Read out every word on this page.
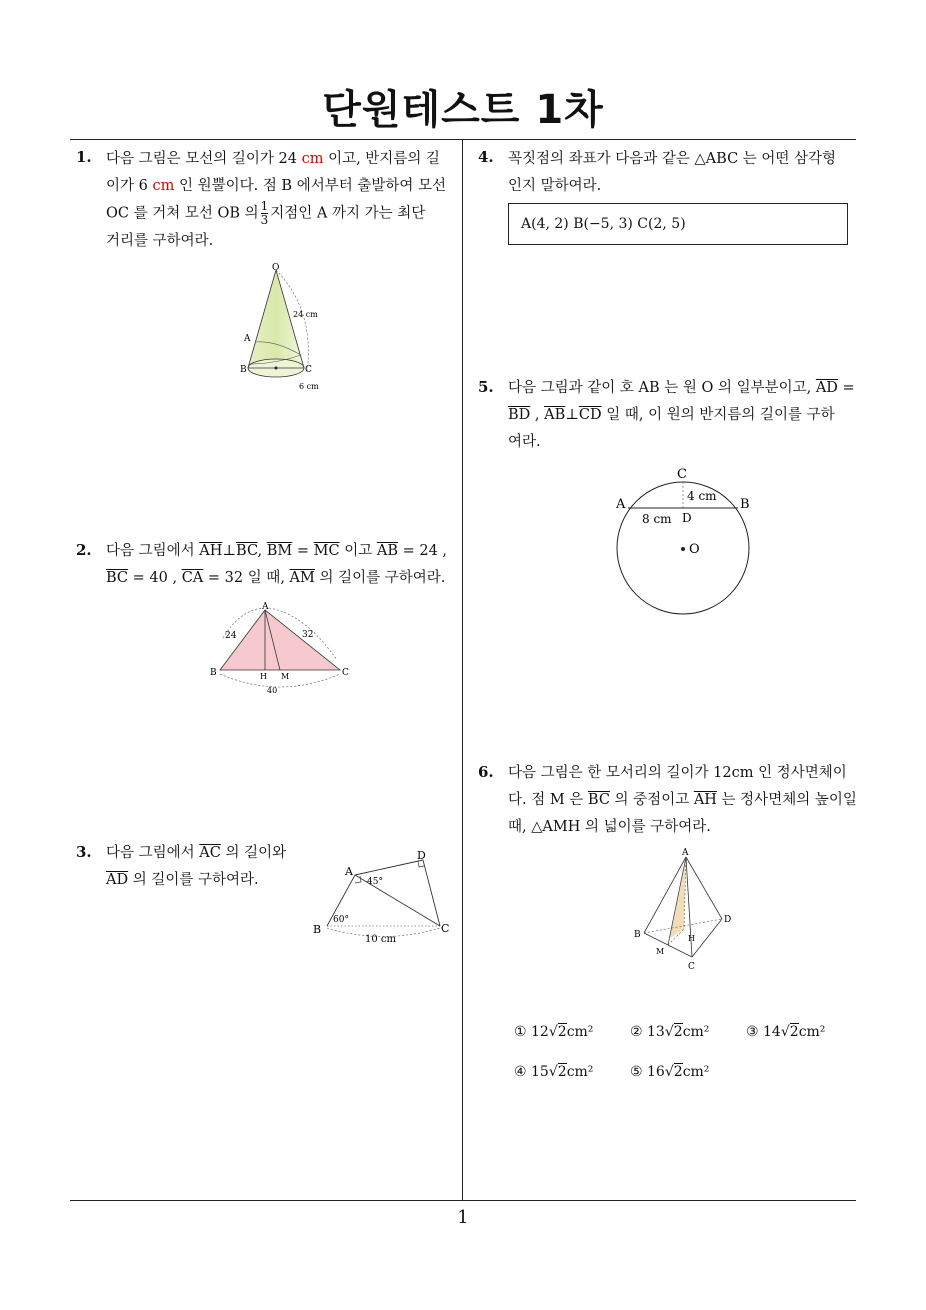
단원테스트 1차
1
1. 다음 그림은 모선의 길이가 24 cm 이고, 반지름의 길
이가 6 cm 인 원뿔이다. 점 B 에서부터 출발하여 모선
OC 를 거쳐 모선 OB 의 $\frac{1}{3}$ 지점인 A 까지 가는 최단
거리를 구하여라.
O
24 cm
A
B	C
6 cm
2. 다음 그림에서 $\overline{AH}\perp\overline{BC}$, $\overline{BM} = \overline{MC}$ 이고 $\overline{AB} = 24$ ,
$\overline{BC} = 40$ , $\overline{CA} = 32$ 일 때, $\overline{AM}$ 의 길이를 구하여라.
A
B	C
H M
24	32
40
3. 다음 그림에서 $\overline{AC}$ 의 길이와
$\overline{AD}$ 의 길이를 구하여라.
A
B	C
D
45°
60°
10 cm
4. 꼭짓점의 좌표가 다음과 같은 △ABC 는 어떤 삼각형
인지 말하여라.
A(4, 2) B(−5, 3) C(2, 5)
5. 다음 그림과 같이 호 AB 는 원 O 의 일부분이고, $\overline{AD}$ =
$\overline{BD}$ , $\overline{AB}\perp\overline{CD}$ 일 때, 이 원의 반지름의 길이를 구하
여라.
C
A	B
D
O
4 cm
8 cm
6. 다음 그림은 한 모서리의 길이가 12cm 인 정사면체이
다. 점 M 은 $\overline{BC}$ 의 중점이고 $\overline{AH}$ 는 정사면체의 높이일
때, △AMH 의 넓이를 구하여라.
A
B
C
D
H
M
① 12√2cm²	② 13√2cm²	③ 14√2cm²
④ 15√2cm²	⑤ 16√2cm²
